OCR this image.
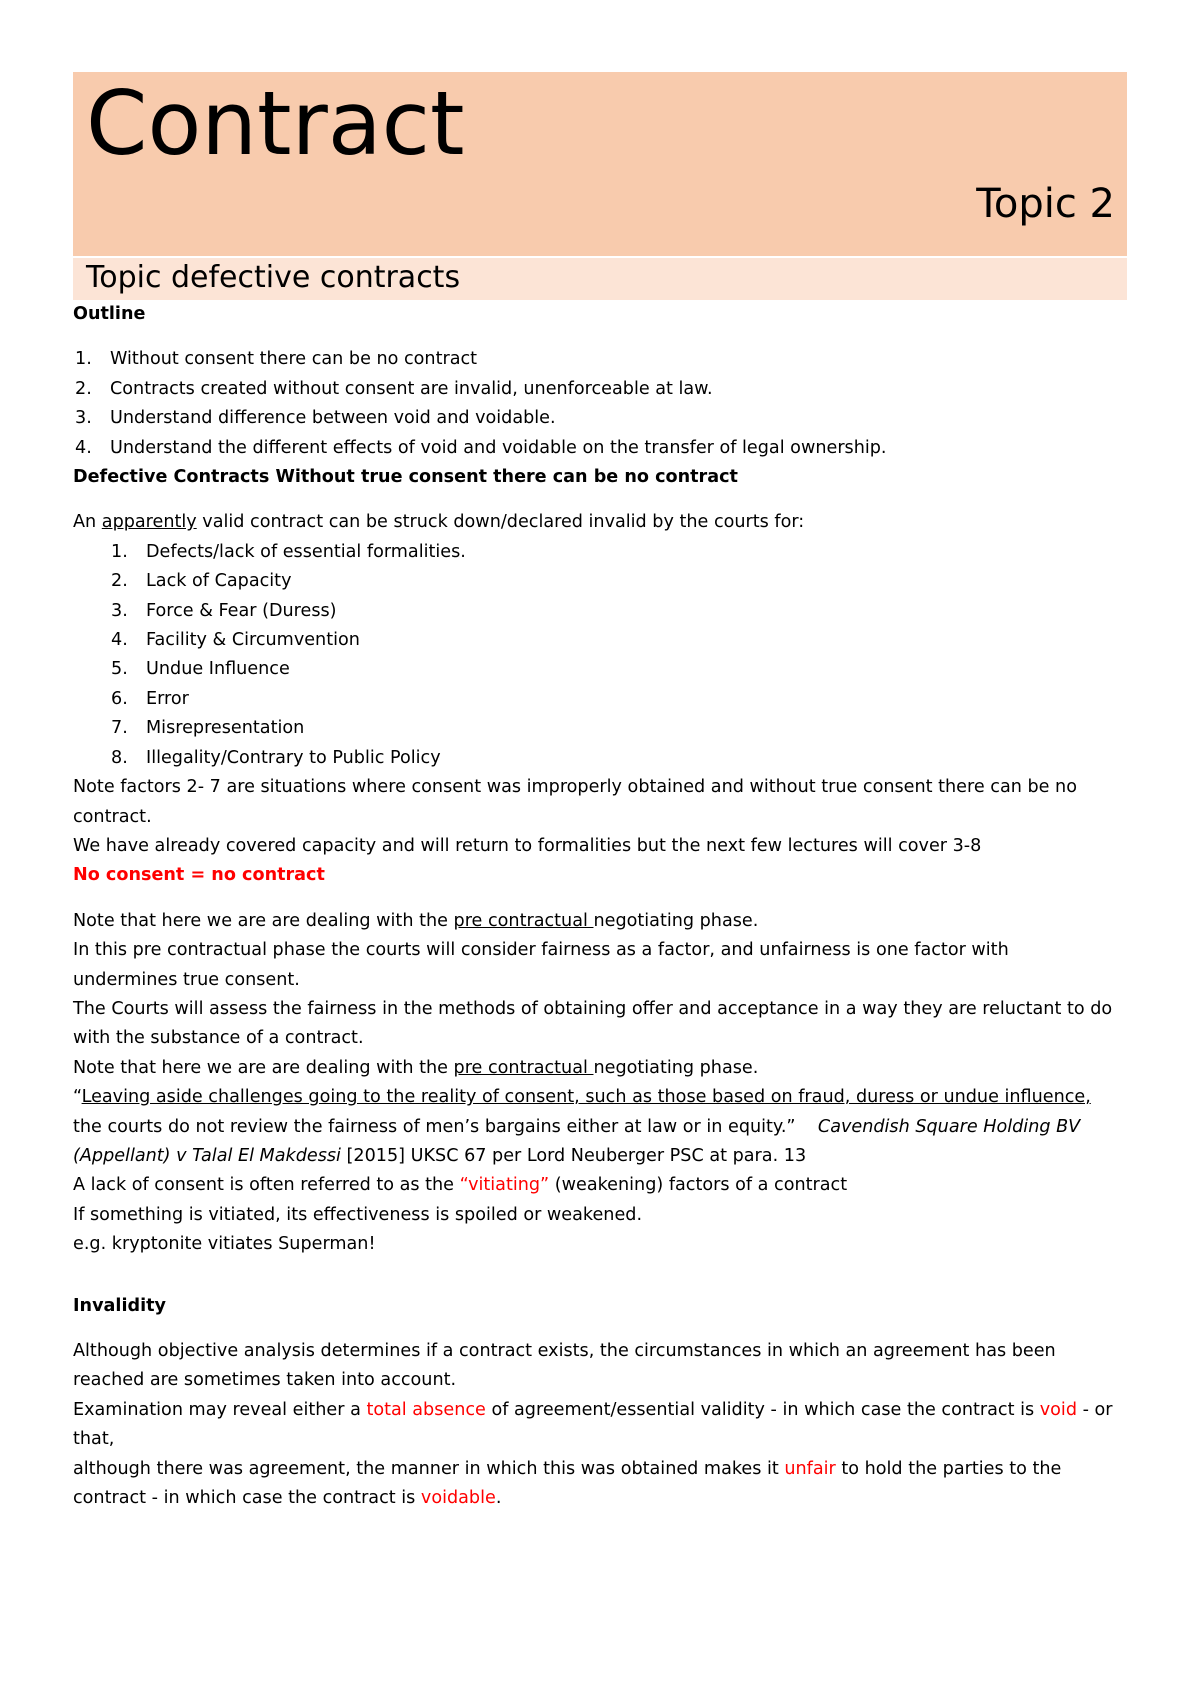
Contract
Topic 2
Topic defective contracts
Outline
1. Without consent there can be no contract
2. Contracts created without consent are invalid, unenforceable at law.
3. Understand difference between void and voidable.
4. Understand the different effects of void and voidable on the transfer of legal ownership.
Defective Contracts Without true consent there can be no contract
An apparently valid contract can be struck down/declared invalid by the courts for:
1. Defects/lack of essential formalities.
2. Lack of Capacity
3. Force & Fear (Duress)
4. Facility & Circumvention
5. Undue Influence
6. Error
7. Misrepresentation
8. Illegality/Contrary to Public Policy
Note factors 2- 7 are situations where consent was improperly obtained and without true consent there can be no
contract.
We have already covered capacity and will return to formalities but the next few lectures will cover 3-8
No consent = no contract
Note that here we are are dealing with the pre contractual negotiating phase.
In this pre contractual phase the courts will consider fairness as a factor, and unfairness is one factor with
undermines true consent.
The Courts will assess the fairness in the methods of obtaining offer and acceptance in a way they are reluctant to do
with the substance of a contract.
Note that here we are are dealing with the pre contractual negotiating phase.
“Leaving aside challenges going to the reality of consent, such as those based on fraud, duress or undue influence,
the courts do not review the fairness of men’s bargains either at law or in equity.”    Cavendish Square Holding BV
(Appellant) v Talal El Makdessi [2015] UKSC 67 per Lord Neuberger PSC at para. 13
A lack of consent is often referred to as the “vitiating” (weakening) factors of a contract
If something is vitiated, its effectiveness is spoiled or weakened.
e.g. kryptonite vitiates Superman!
Invalidity
Although objective analysis determines if a contract exists, the circumstances in which an agreement has been
reached are sometimes taken into account.
Examination may reveal either a total absence of agreement/essential validity - in which case the contract is void - or
that,
although there was agreement, the manner in which this was obtained makes it unfair to hold the parties to the
contract - in which case the contract is voidable.
